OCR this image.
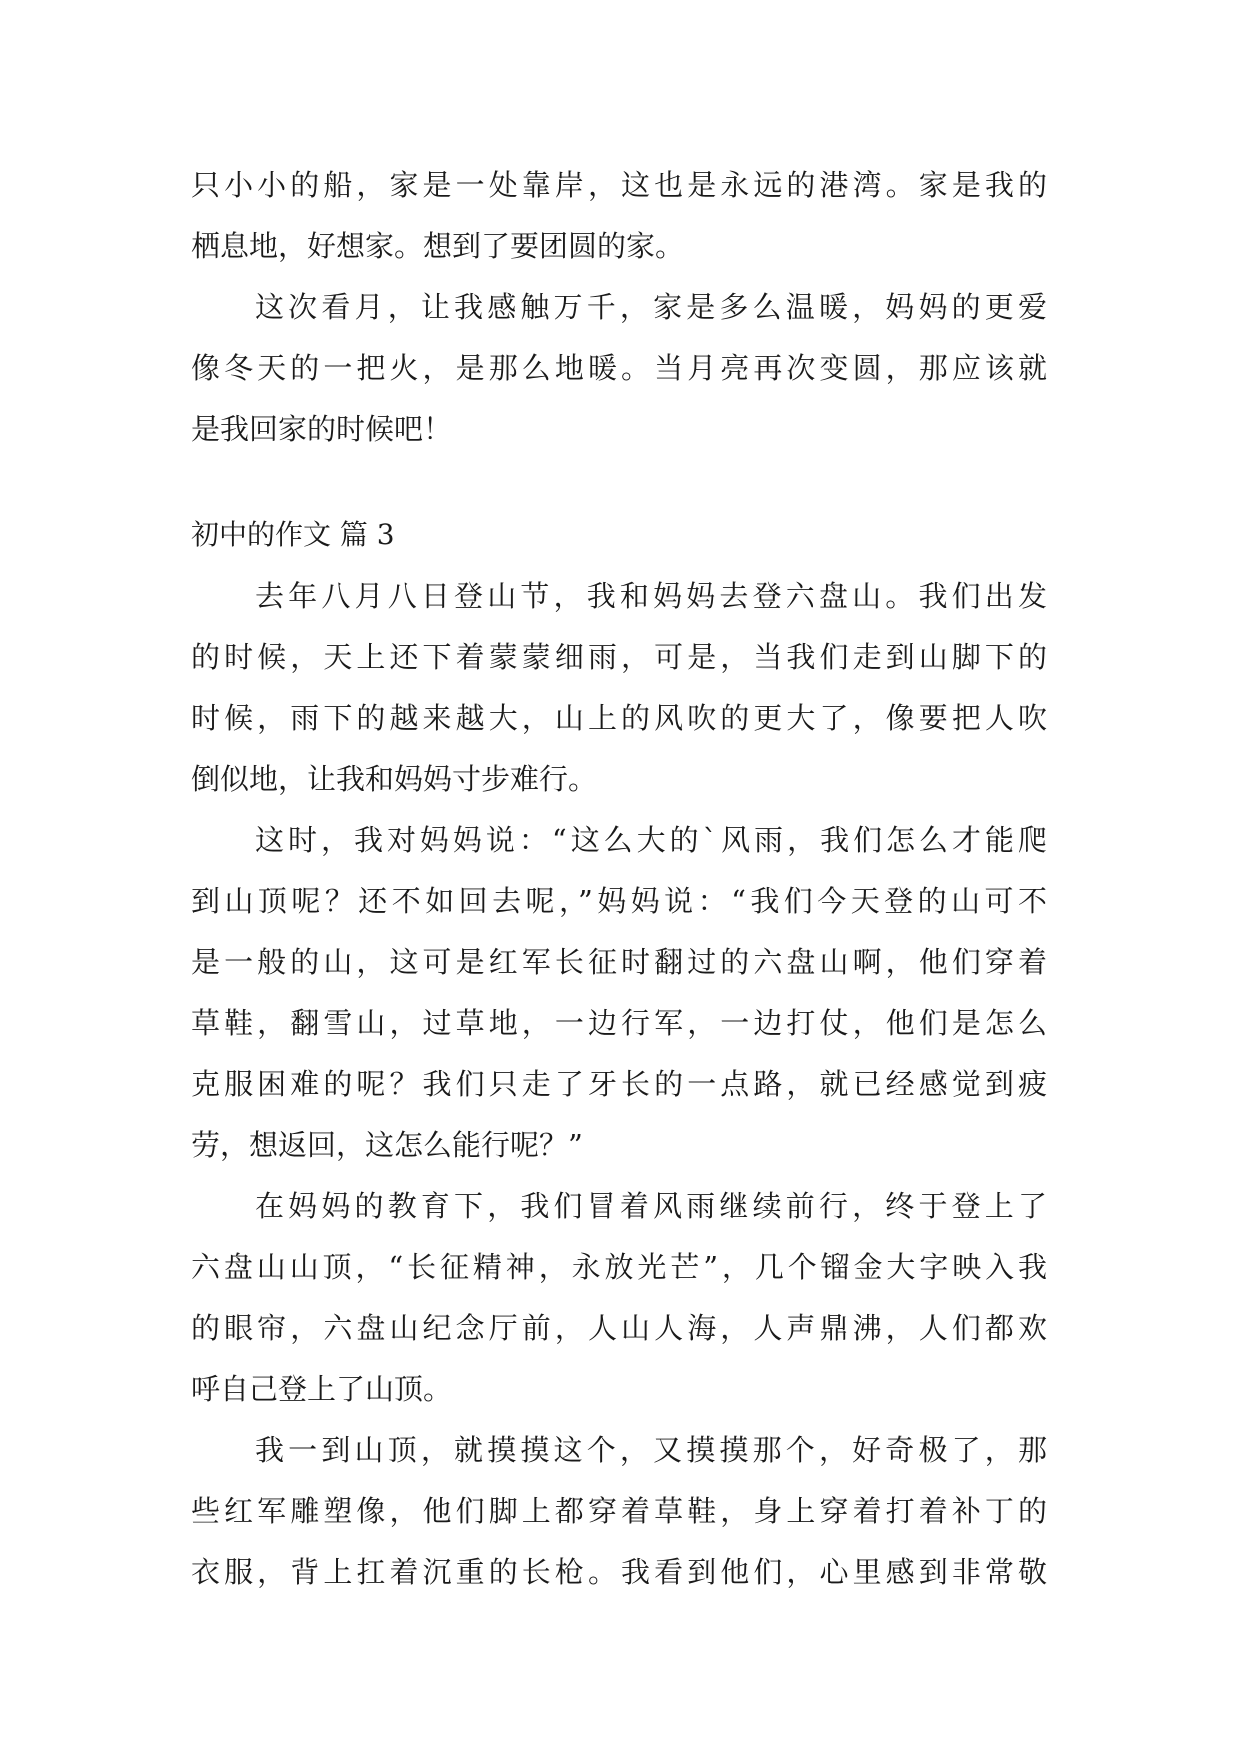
只小小的船，家是一处靠岸，这也是永远的港湾。家是我的
栖息地，好想家。想到了要团圆的家。
这次看月，让我感触万千，家是多么温暖，妈妈的更爱
像冬天的一把火，是那么地暖。当月亮再次变圆，那应该就
是我回家的时候吧！
初中的作文 篇 3
去年八月八日登山节，我和妈妈去登六盘山。我们出发
的时候，天上还下着蒙蒙细雨，可是，当我们走到山脚下的
时候，雨下的越来越大，山上的风吹的更大了，像要把人吹
倒似地，让我和妈妈寸步难行。
这时，我对妈妈说：“这么大的`风雨，我们怎么才能爬
到山顶呢？还不如回去呢，”妈妈说：“我们今天登的山可不
是一般的山，这可是红军长征时翻过的六盘山啊，他们穿着
草鞋，翻雪山，过草地，一边行军，一边打仗，他们是怎么
克服困难的呢？我们只走了牙长的一点路，就已经感觉到疲
劳，想返回，这怎么能行呢？”
在妈妈的教育下，我们冒着风雨继续前行，终于登上了
六盘山山顶，“长征精神，永放光芒”，几个镏金大字映入我
的眼帘，六盘山纪念厅前，人山人海，人声鼎沸，人们都欢
呼自己登上了山顶。
我一到山顶，就摸摸这个，又摸摸那个，好奇极了，那
些红军雕塑像，他们脚上都穿着草鞋，身上穿着打着补丁的
衣服，背上扛着沉重的长枪。我看到他们，心里感到非常敬
